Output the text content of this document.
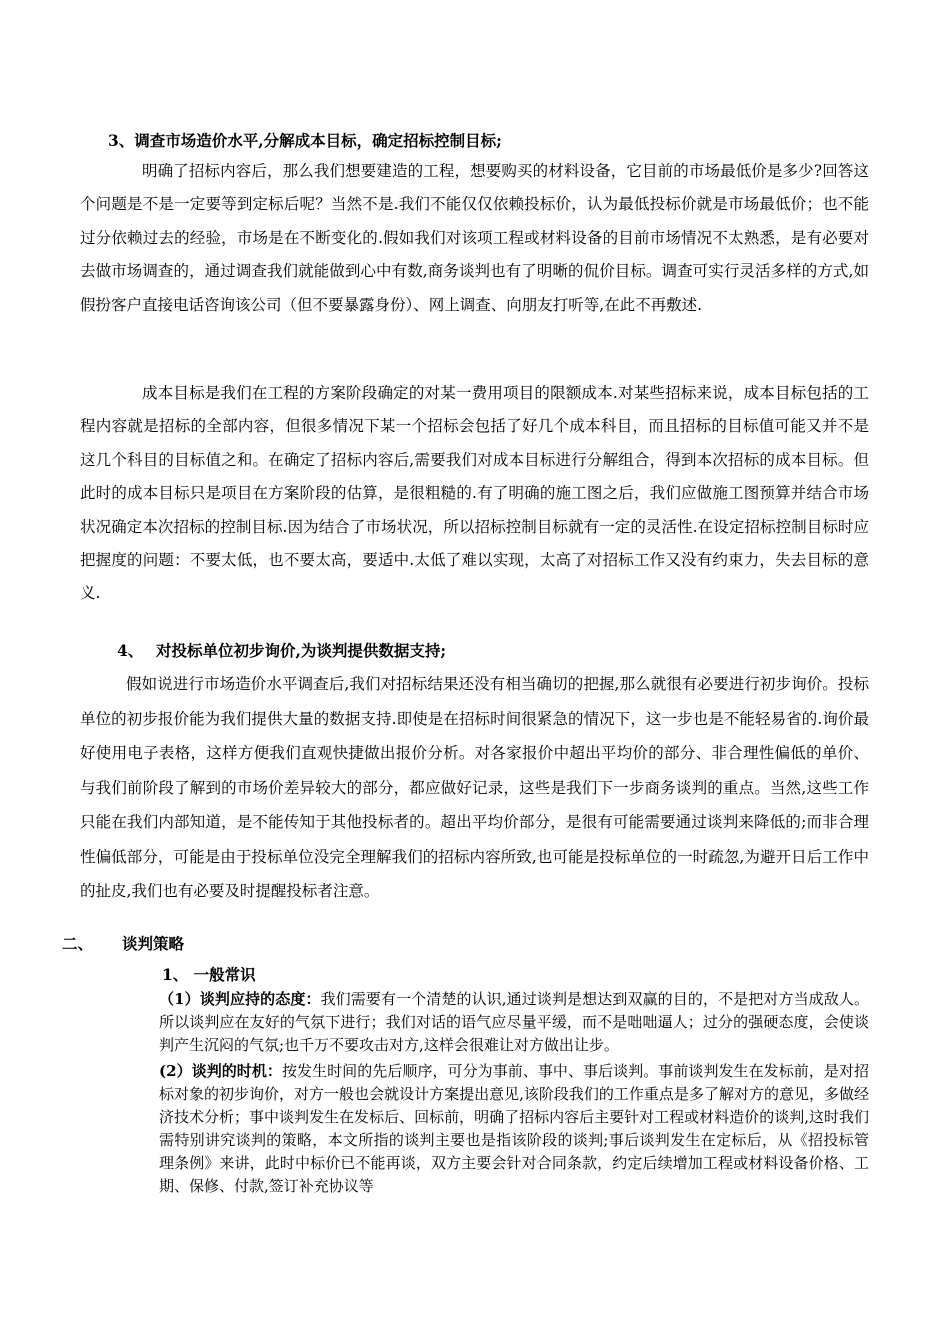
3、调查市场造价水平,分解成本目标，确定招标控制目标;

明确了招标内容后，那么我们想要建造的工程，想要购买的材料设备，它目前的市场最低价是多少?回答这个问题是不是一定要等到定标后呢？当然不是.我们不能仅仅依赖投标价，认为最低投标价就是市场最低价；也不能过分依赖过去的经验，市场是在不断变化的.假如我们对该项工程或材料设备的目前市场情况不太熟悉，是有必要对去做市场调查的，通过调查我们就能做到心中有数,商务谈判也有了明晰的侃价目标。调查可实行灵活多样的方式,如假扮客户直接电话咨询该公司（但不要暴露身份）、网上调查、向朋友打听等,在此不再敷述.

成本目标是我们在工程的方案阶段确定的对某一费用项目的限额成本.对某些招标来说，成本目标包括的工程内容就是招标的全部内容，但很多情况下某一个招标会包括了好几个成本科目，而且招标的目标值可能又并不是这几个科目的目标值之和。在确定了招标内容后,需要我们对成本目标进行分解组合，得到本次招标的成本目标。但此时的成本目标只是项目在方案阶段的估算，是很粗糙的.有了明确的施工图之后，我们应做施工图预算并结合市场状况确定本次招标的控制目标.因为结合了市场状况，所以招标控制目标就有一定的灵活性.在设定招标控制目标时应把握度的问题：不要太低，也不要太高，要适中.太低了难以实现，太高了对招标工作又没有约束力，失去目标的意义.

4、 对投标单位初步询价,为谈判提供数据支持;

假如说进行市场造价水平调查后,我们对招标结果还没有相当确切的把握,那么就很有必要进行初步询价。投标单位的初步报价能为我们提供大量的数据支持.即使是在招标时间很紧急的情况下，这一步也是不能轻易省的.询价最好使用电子表格，这样方便我们直观快捷做出报价分析。对各家报价中超出平均价的部分、非合理性偏低的单价、与我们前阶段了解到的市场价差异较大的部分，都应做好记录，这些是我们下一步商务谈判的重点。当然,这些工作只能在我们内部知道，是不能传知于其他投标者的。超出平均价部分，是很有可能需要通过谈判来降低的;而非合理性偏低部分，可能是由于投标单位没完全理解我们的招标内容所致,也可能是投标单位的一时疏忽,为避开日后工作中的扯皮,我们也有必要及时提醒投标者注意。

二、 谈判策略
1、 一般常识

（1）谈判应持的态度：我们需要有一个清楚的认识,通过谈判是想达到双赢的目的，不是把对方当成敌人。所以谈判应在友好的气氛下进行；我们对话的语气应尽量平缓，而不是咄咄逼人；过分的强硬态度，会使谈判产生沉闷的气氛;也千万不要攻击对方,这样会很难让对方做出让步。

(2）谈判的时机：按发生时间的先后顺序，可分为事前、事中、事后谈判。事前谈判发生在发标前，是对招标对象的初步询价，对方一般也会就设计方案提出意见,该阶段我们的工作重点是多了解对方的意见，多做经济技术分析；事中谈判发生在发标后、回标前，明确了招标内容后主要针对工程或材料造价的谈判,这时我们需特别讲究谈判的策略，本文所指的谈判主要也是指该阶段的谈判;事后谈判发生在定标后，从《招投标管理条例》来讲，此时中标价已不能再谈，双方主要会针对合同条款，约定后续增加工程或材料设备价格、工期、保修、付款,签订补充协议等
